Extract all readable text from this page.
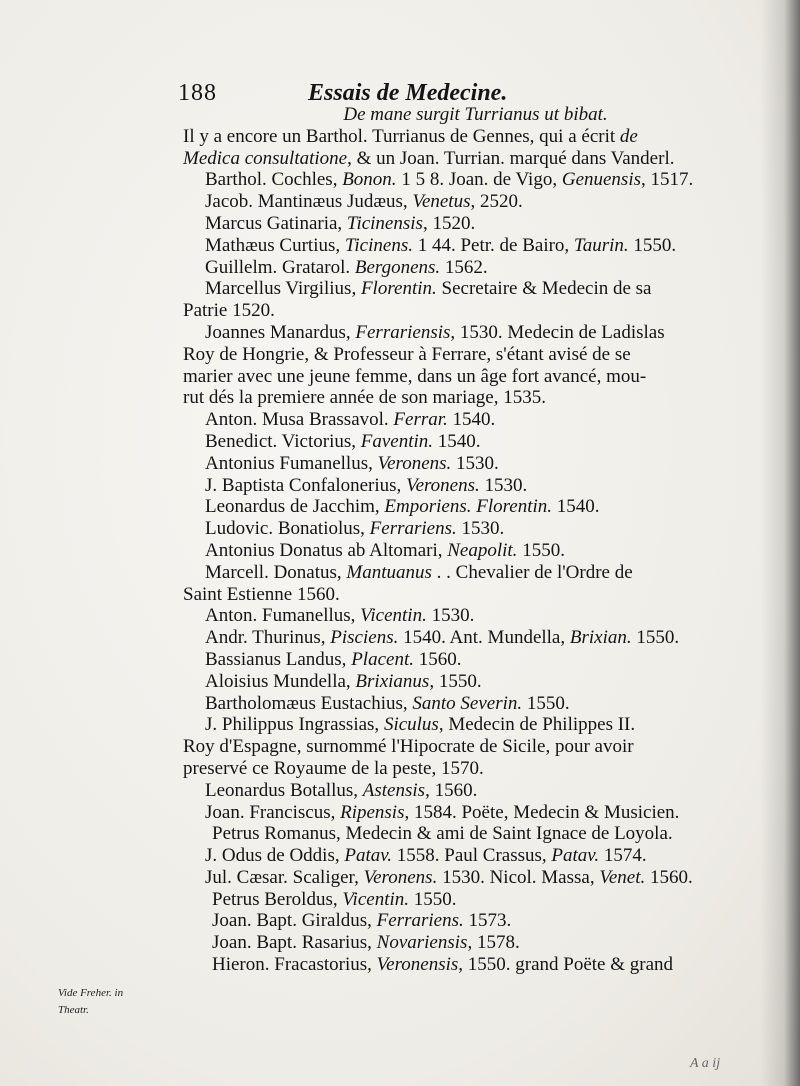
188	Essais de Medecine.
De mane surgit Turrianus ut bibat.
Il y a encore un Barthol. Turrianus de Gennes, qui a écrit de
Medica consultatione, & un Joan. Turrian. marqué dans Vanderl.
Barthol. Cochles, Bonon. 1 5 8. Joan. de Vigo, Genuensis, 1517.
Jacob. Mantinæus Judæus, Venetus, 2520.
Marcus Gatinaria, Ticinensis, 1520.
Mathæus Curtius, Ticinens. 1 44. Petr. de Bairo, Taurin. 1550.
Guillelm. Gratarol. Bergonens. 1562.
Marcellus Virgilius, Florentin. Secretaire & Medecin de sa
Patrie 1520.
Joannes Manardus, Ferrariensis, 1530. Medecin de Ladislas
Roy de Hongrie, & Professeur à Ferrare, s'étant avisé de se
marier avec une jeune femme, dans un âge fort avancé, mou-
rut dés la premiere année de son mariage, 1535.
Anton. Musa Brassavol. Ferrar. 1540.
Benedict. Victorius, Faventin. 1540.
Antonius Fumanellus, Veronens. 1530.
J. Baptista Confalonerius, Veronens. 1530.
Leonardus de Jacchim, Emporiens. Florentin. 1540.
Ludovic. Bonatiolus, Ferrariens. 1530.
Antonius Donatus ab Altomari, Neapolit. 1550.
Marcell. Donatus, Mantuanus . . Chevalier de l'Ordre de
Saint Estienne 1560.
Anton. Fumanellus, Vicentin. 1530.
Andr. Thurinus, Pisciens. 1540. Ant. Mundella, Brixian. 1550.
Bassianus Landus, Placent. 1560.
Aloisius Mundella, Brixianus, 1550.
Bartholomæus Eustachius, Santo Severin. 1550.
J. Philippus Ingrassias, Siculus, Medecin de Philippes II.
Roy d'Espagne, surnommé l'Hipocrate de Sicile, pour avoir
preservé ce Royaume de la peste, 1570.
Leonardus Botallus, Astensis, 1560.
Joan. Franciscus, Ripensis, 1584. Poëte, Medecin & Musicien.
Petrus Romanus, Medecin & ami de Saint Ignace de Loyola.
J. Odus de Oddis, Patav. 1558. Paul Crassus, Patav. 1574.
Jul. Cæsar. Scaliger, Veronens. 1530. Nicol. Massa, Venet. 1560.
Petrus Beroldus, Vicentin. 1550.
Joan. Bapt. Giraldus, Ferrariens. 1573.
Joan. Bapt. Rasarius, Novariensis, 1578.
Hieron. Fracastorius, Veronensis, 1550. grand Poëte & grand
Vide Freher. in
Theatr.
A a ij
